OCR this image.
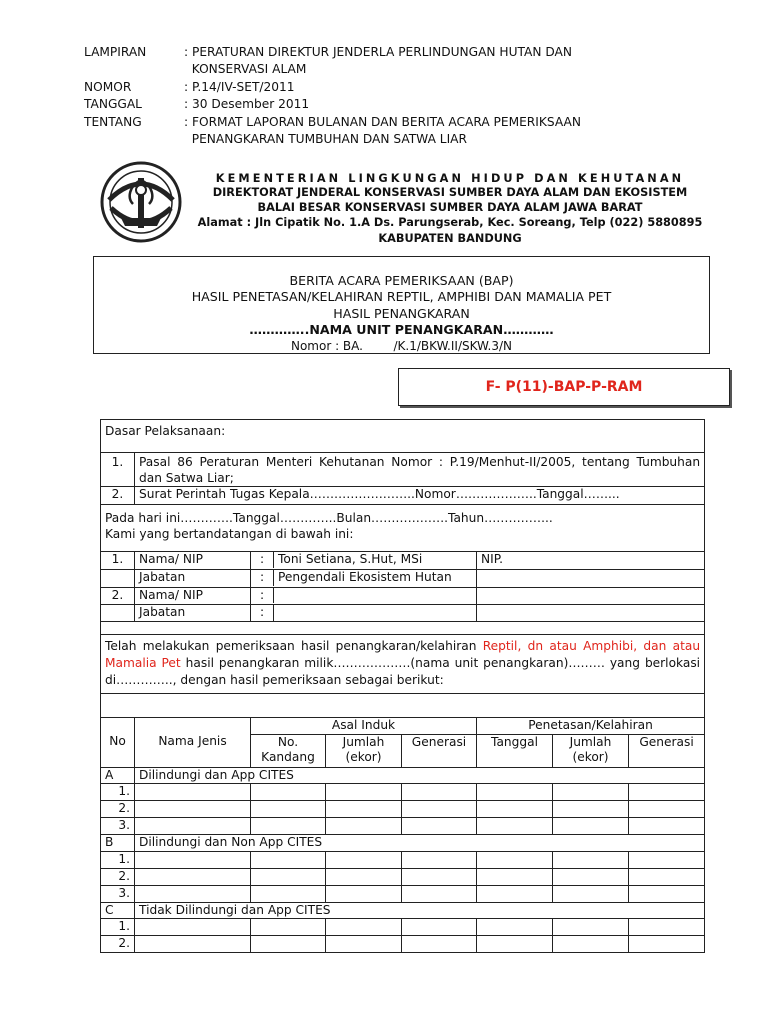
LAMPIRAN	: PERATURAN DIREKTUR JENDERLA PERLINDUNGAN HUTAN DAN
KONSERVASI ALAM
NOMOR	: P.14/IV-SET/2011
TANGGAL	: 30 Desember 2011
TENTANG	: FORMAT LAPORAN BULANAN DAN BERITA ACARA PEMERIKSAAN
PENANGKARAN TUMBUHAN DAN SATWA LIAR
KEMENTERIAN LINGKUNGAN HIDUP DAN KEHUTANAN
DIREKTORAT JENDERAL KONSERVASI SUMBER DAYA ALAM DAN EKOSISTEM
BALAI BESAR KONSERVASI SUMBER DAYA ALAM JAWA BARAT
Alamat : Jln Cipatik No. 1.A Ds. Parungserab, Kec. Soreang, Telp (022) 5880895
KABUPATEN BANDUNG
BERITA ACARA PEMERIKSAAN (BAP)
HASIL PENETASAN/KELAHIRAN REPTIL, AMPHIBI DAN MAMALIA PET
HASIL PENANGKARAN
…………..NAMA UNIT PENANGKARAN…………
Nomor : BA.        /K.1/BKW.II/SKW.3/N
F- P(11)-BAP-P-RAM
Dasar Pelaksanaan:							
1.	Pasal 86 Peraturan Menteri Kehutanan Nomor : P.19/Menhut-II/2005, tentang Tumbuhan dan Satwa Liar;						
2.	Surat Perintah Tugas Kepala……………………..Nomor………………..Tanggal……...						

Pada hari ini………….Tanggal…………..Bulan……………….Tahun……………..
Kami yang bertandatangan di bawah ini:							

1.	Nama/ NIP	: Toni Setiana, S.Hut, MSi			NIP.		
	Jabatan	: Pengendali Ekosistem Hutan					

2.	Nama/ NIP	:					

	Jabatan	:					

Telah melakukan pemeriksaan hasil penangkaran/kelahiran Reptil, dn atau Amphibi, dan atau Mamalia Pet hasil penangkaran milik……………….(nama unit penangkaran)……… yang berlokasi di………….., dengan hasil pemeriksaan sebagai berikut:							

No	Nama Jenis	Asal Induk			Penetasan/Kelahiran		
		No. Kandang	Jumlah (ekor)	Generasi	Tanggal	Jumlah (ekor)	Generasi
A	Dilindungi dan App CITES						
1.							
2.							
3.							
B	Dilindungi dan Non App CITES						
1.							
2.							
3.							
C	Tidak Dilindungi dan App CITES						
1.							
2.							
